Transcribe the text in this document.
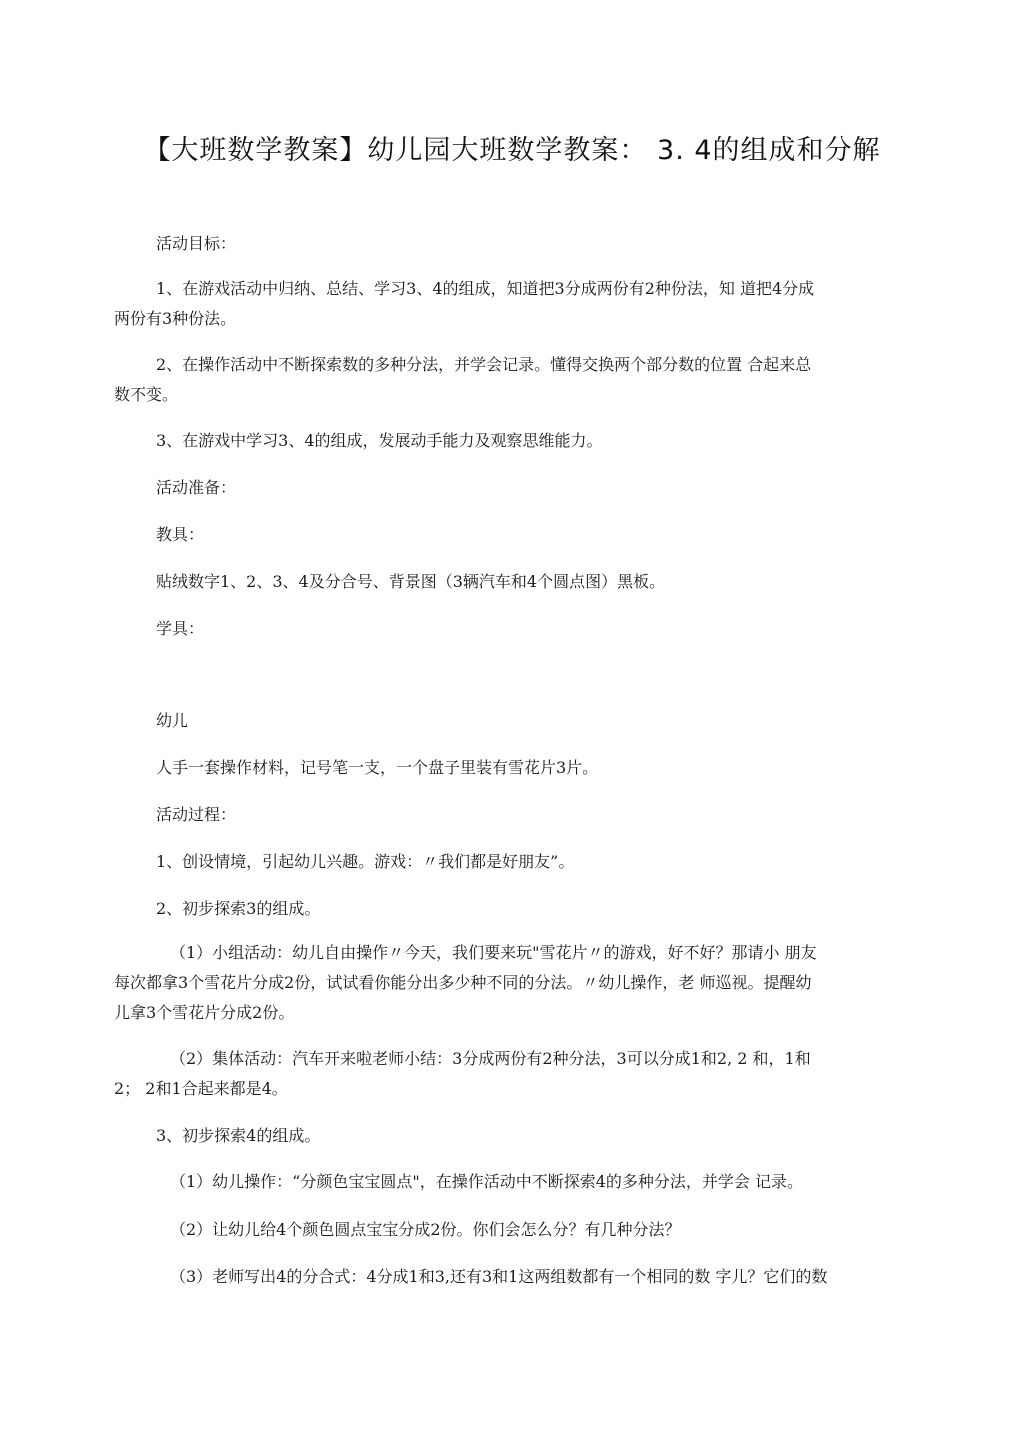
【大班数学教案】幼儿园大班数学教案： 3. 4的组成和分解
活动目标：
1、在游戏活动中归纳、总结、学习3、4的组成，知道把3分成两份有2种份法，知 道把4分成
两份有3种份法。
2、在操作活动中不断探索数的多种分法，并学会记录。懂得交换两个部分数的位置 合起来总
数不变。
3、在游戏中学习3、4的组成，发展动手能力及观察思维能力。
活动准备：
教具：
贴绒数字1、2、3、4及分合号、背景图（3辆汽车和4个圆点图）黑板。
学具：
幼儿
人手一套操作材料，记号笔一支，一个盘子里装有雪花片3片。
活动过程：
1、创设情境，引起幼儿兴趣。游戏：〃我们都是好朋友”。
2、初步探索3的组成。
（1）小组活动：幼儿自由操作〃今天，我们要来玩"雪花片〃的游戏，好不好？那请小 朋友
每次都拿3个雪花片分成2份，试试看你能分出多少种不同的分法。〃幼儿操作，老 师巡视。提醒幼
儿拿3个雪花片分成2份。
（2）集体活动：汽车开来啦老师小结：3分成两份有2种分法，3可以分成1和2, 2 和，1和
2； 2和1合起来都是4。
3、初步探索4的组成。
（1）幼儿操作：“分颜色宝宝圆点"，在操作活动中不断探索4的多种分法，并学会 记录。
（2）让幼儿给4个颜色圆点宝宝分成2份。你们会怎么分？有几种分法？
（3）老师写出4的分合式：4分成1和3,还有3和1这两组数都有一个相同的数 字儿？它们的数
